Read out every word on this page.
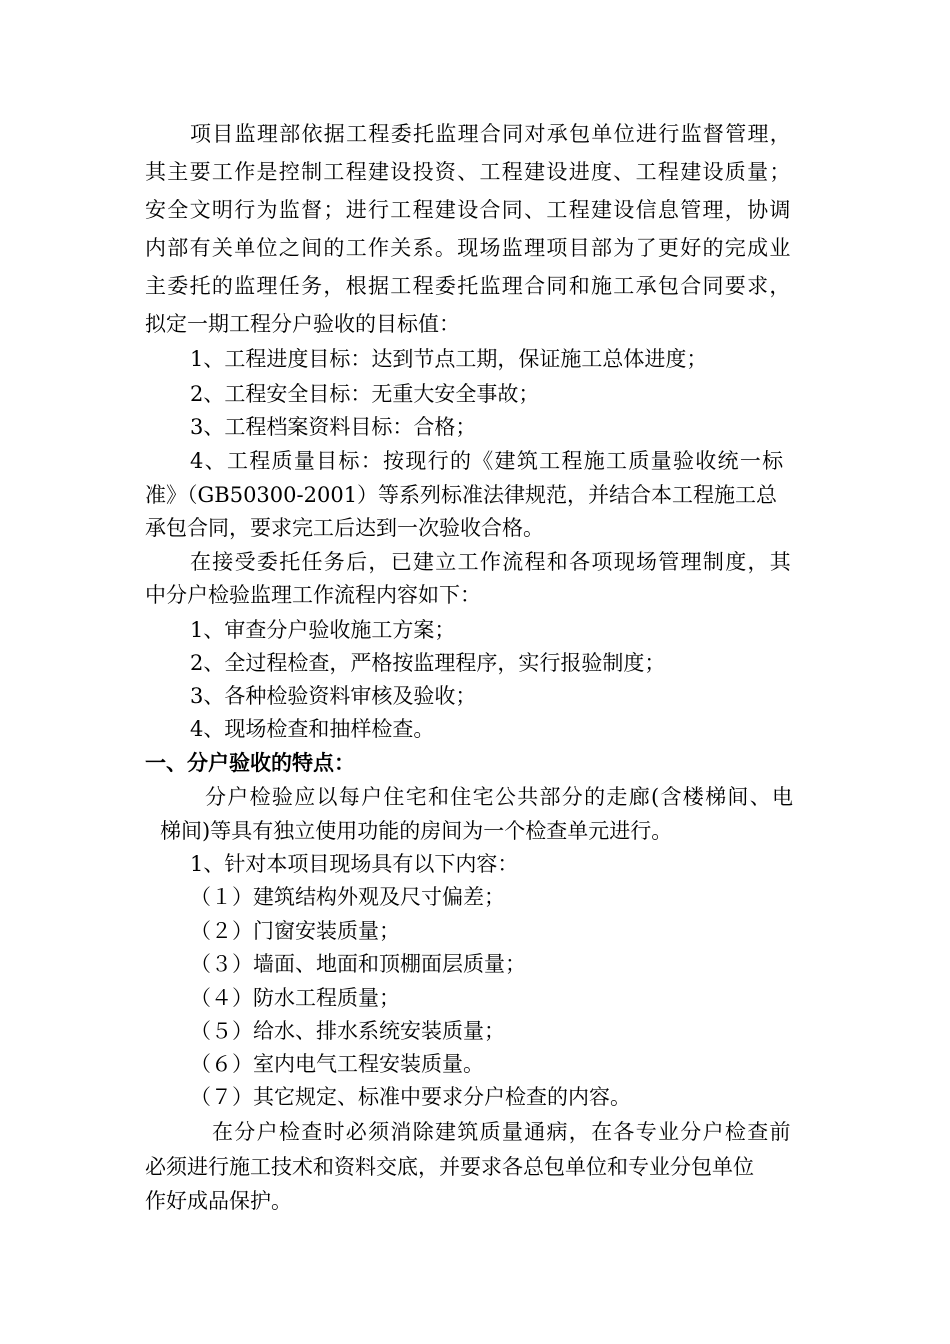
项目监理部依据工程委托监理合同对承包单位进行监督管理，
其主要工作是控制工程建设投资、工程建设进度、工程建设质量；
安全文明行为监督；进行工程建设合同、工程建设信息管理，协调
内部有关单位之间的工作关系。现场监理项目部为了更好的完成业
主委托的监理任务，根据工程委托监理合同和施工承包合同要求，
拟定一期工程分户验收的目标值：
1、工程进度目标：达到节点工期，保证施工总体进度；
2、工程安全目标：无重大安全事故；
3、工程档案资料目标：合格；
4、工程质量目标：按现行的《建筑工程施工质量验收统一标
准》（GB50300-2001）等系列标准法律规范，并结合本工程施工总
承包合同，要求完工后达到一次验收合格。
在接受委托任务后，已建立工作流程和各项现场管理制度，其
中分户检验监理工作流程内容如下：
1、审查分户验收施工方案；
2、全过程检查，严格按监理程序，实行报验制度；
3、各种检验资料审核及验收；
4、现场检查和抽样检查。
一、分户验收的特点：
分户检验应以每户住宅和住宅公共部分的走廊(含楼梯间、电
梯间)等具有独立使用功能的房间为一个检查单元进行。
1、针对本项目现场具有以下内容：
（１）建筑结构外观及尺寸偏差；
（２）门窗安装质量；
（３）墙面、地面和顶棚面层质量；
（４）防水工程质量；
（５）给水、排水系统安装质量；
（６）室内电气工程安装质量。
（７）其它规定、标准中要求分户检查的内容。
在分户检查时必须消除建筑质量通病，在各专业分户检查前
必须进行施工技术和资料交底，并要求各总包单位和专业分包单位
作好成品保护。
